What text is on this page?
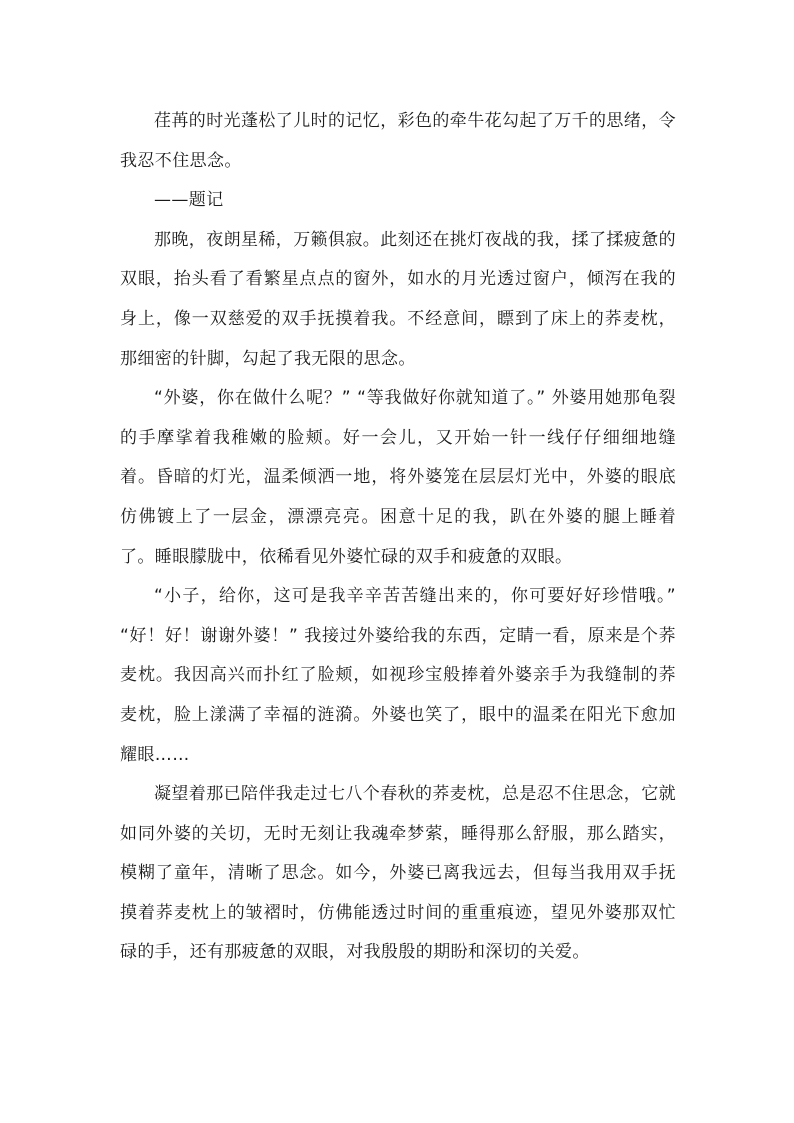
荏苒的时光蓬松了儿时的记忆，彩色的牵牛花勾起了万千的思绪，令我忍不住思念。

——题记

那晚，夜朗星稀，万籁俱寂。此刻还在挑灯夜战的我，揉了揉疲惫的双眼，抬头看了看繁星点点的窗外，如水的月光透过窗户，倾泻在我的身上，像一双慈爱的双手抚摸着我。不经意间，瞟到了床上的荞麦枕，那细密的针脚，勾起了我无限的思念。

“外婆，你在做什么呢？” “等我做好你就知道了。” 外婆用她那龟裂的手摩挲着我稚嫩的脸颊。好一会儿，又开始一针一线仔仔细细地缝着。昏暗的灯光，温柔倾洒一地，将外婆笼在层层灯光中，外婆的眼底仿佛镀上了一层金，漂漂亮亮。困意十足的我，趴在外婆的腿上睡着了。睡眼朦胧中，依稀看见外婆忙碌的双手和疲惫的双眼。

“小子，给你，这可是我辛辛苦苦缝出来的，你可要好好珍惜哦。” “好！好！谢谢外婆！” 我接过外婆给我的东西，定睛一看，原来是个荞麦枕。我因高兴而扑红了脸颊，如视珍宝般捧着外婆亲手为我缝制的荞麦枕，脸上漾满了幸福的涟漪。外婆也笑了，眼中的温柔在阳光下愈加耀眼……

凝望着那已陪伴我走过七八个春秋的荞麦枕，总是忍不住思念，它就如同外婆的关切，无时无刻让我魂牵梦萦，睡得那么舒服，那么踏实，模糊了童年，清晰了思念。如今，外婆已离我远去，但每当我用双手抚摸着荞麦枕上的皱褶时，仿佛能透过时间的重重痕迹，望见外婆那双忙碌的手，还有那疲惫的双眼，对我殷殷的期盼和深切的关爱。
